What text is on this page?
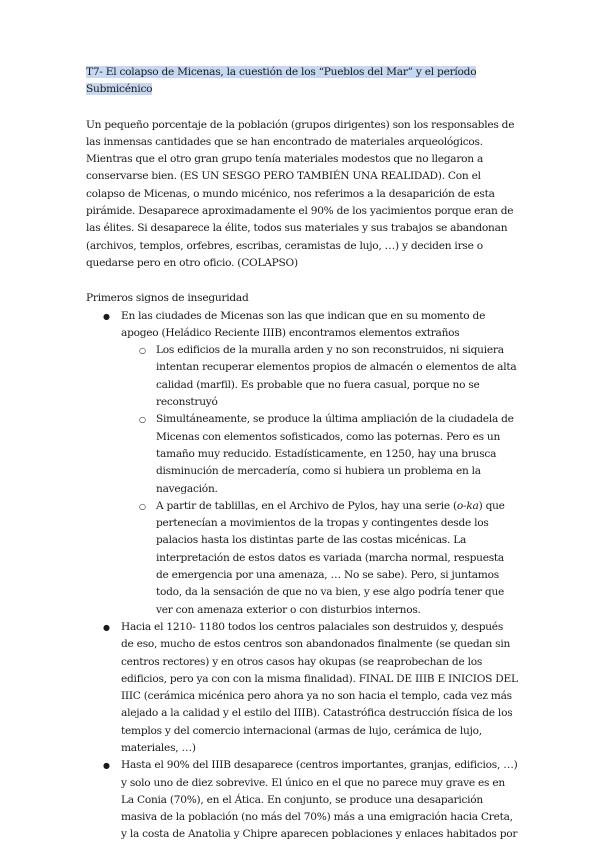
T7- El colapso de Micenas, la cuestión de los “Pueblos del Mar” y el período Submicénico

Un pequeño porcentaje de la población (grupos dirigentes) son los responsables de las inmensas cantidades que se han encontrado de materiales arqueológicos. Mientras que el otro gran grupo tenía materiales modestos que no llegaron a conservarse bien. (ES UN SESGO PERO TAMBIÉN UNA REALIDAD). Con el colapso de Micenas, o mundo micénico, nos referimos a la desaparición de esta pirámide. Desaparece aproximadamente el 90% de los yacimientos porque eran de las élites. Si desaparece la élite, todos sus materiales y sus trabajos se abandonan (archivos, templos, orfebres, escribas, ceramistas de lujo, …) y deciden irse o quedarse pero en otro oficio. (COLAPSO)

Primeros signos de inseguridad

● En las ciudades de Micenas son las que indican que en su momento de apogeo (Heládico Reciente IIIB) encontramos elementos extraños
○ Los edificios de la muralla arden y no son reconstruidos, ni siquiera intentan recuperar elementos propios de almacén o elementos de alta calidad (marfil). Es probable que no fuera casual, porque no se reconstruyó
○ Simultáneamente, se produce la última ampliación de la ciudadela de Micenas con elementos sofisticados, como las poternas. Pero es un tamaño muy reducido. Estadísticamente, en 1250, hay una brusca disminución de mercadería, como si hubiera un problema en la navegación.
○ A partir de tablillas, en el Archivo de Pylos, hay una serie (o-ka) que pertenecían a movimientos de la tropas y contingentes desde los palacios hasta los distintas parte de las costas micénicas. La interpretación de estos datos es variada (marcha normal, respuesta de emergencia por una amenaza, … No se sabe). Pero, si juntamos todo, da la sensación de que no va bien, y ese algo podría tener que ver con amenaza exterior o con disturbios internos.
● Hacia el 1210- 1180 todos los centros palaciales son destruidos y, después de eso, mucho de estos centros son abandonados finalmente (se quedan sin centros rectores) y en otros casos hay okupas (se reaprobechan de los edificios, pero ya con con la misma finalidad). FINAL DE IIIB E INICIOS DEL IIIC (cerámica micénica pero ahora ya no son hacia el templo, cada vez más alejado a la calidad y el estilo del IIIB). Catastrófica destrucción física de los templos y del comercio internacional (armas de lujo, cerámica de lujo, materiales, …)
● Hasta el 90% del IIIB desaparece (centros importantes, granjas, edificios, …) y solo uno de diez sobrevive. El único en el que no parece muy grave es en La Conia (70%), en el Ática. En conjunto, se produce una desaparición masiva de la población (no más del 70%) más a una emigración hacia Creta, y la costa de Anatolia y Chipre aparecen poblaciones y enlaces habitados por
